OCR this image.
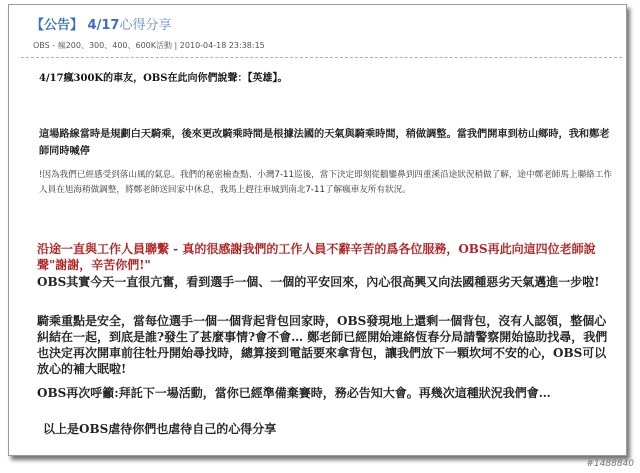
【公告】 4/17心得分享
OBS - 瘋200、300、400、600K活動 | 2010-04-18 23:38:15
4/17瘋300K的車友，OBS在此向你們說聲：【英雄】。
這場路線當時是規劃白天騎乘，後來更改騎乘時間是根據法國的天氣與騎乘時間，稍做調整。當我們開車到枋山鄉時，我和鄭老師同時喊停
!因為我們已經感受到落山風的氣息。我們的秘密檢查點、小灣7-11巡後，當下決定即刻從鵝鑾鼻到四重溪沿途狀況稍做了解，途中鄭老師馬上聯絡工作人員在旭海稍做調整，將鄭老師送回家中休息，我馬上趕往車城到南北7-11了解瘋車友所有狀況。
沿途一直與工作人員聯繫 - 真的很感謝我們的工作人員不辭辛苦的爲各位服務，OBS再此向這四位老師說聲"謝謝，辛苦你們!"
OBS其實今天一直很亢奮，看到選手一個、一個的平安回來，內心很高興又向法國種惡劣天氣邁進一步啦!
騎乘重點是安全，當每位選手一個一個背起背包回家時，OBS發現地上還剩一個背包，沒有人認領，整個心糾結在一起，到底是誰?發生了甚麼事情?會不會… 鄭老師已經開始連絡恆春分局請警察開始協助找尋，我們也決定再次開車前往牡丹開始尋找時，總算接到電話要來拿背包，讓我們放下一顆坎坷不安的心，OBS可以放心的補大眠啦!
OBS再次呼籲:拜託下一場活動，當你已經準備棄賽時，務必告知大會。再幾次這種狀況我們會…
以上是OBS虐待你們也虐待自己的心得分享
#1488840
